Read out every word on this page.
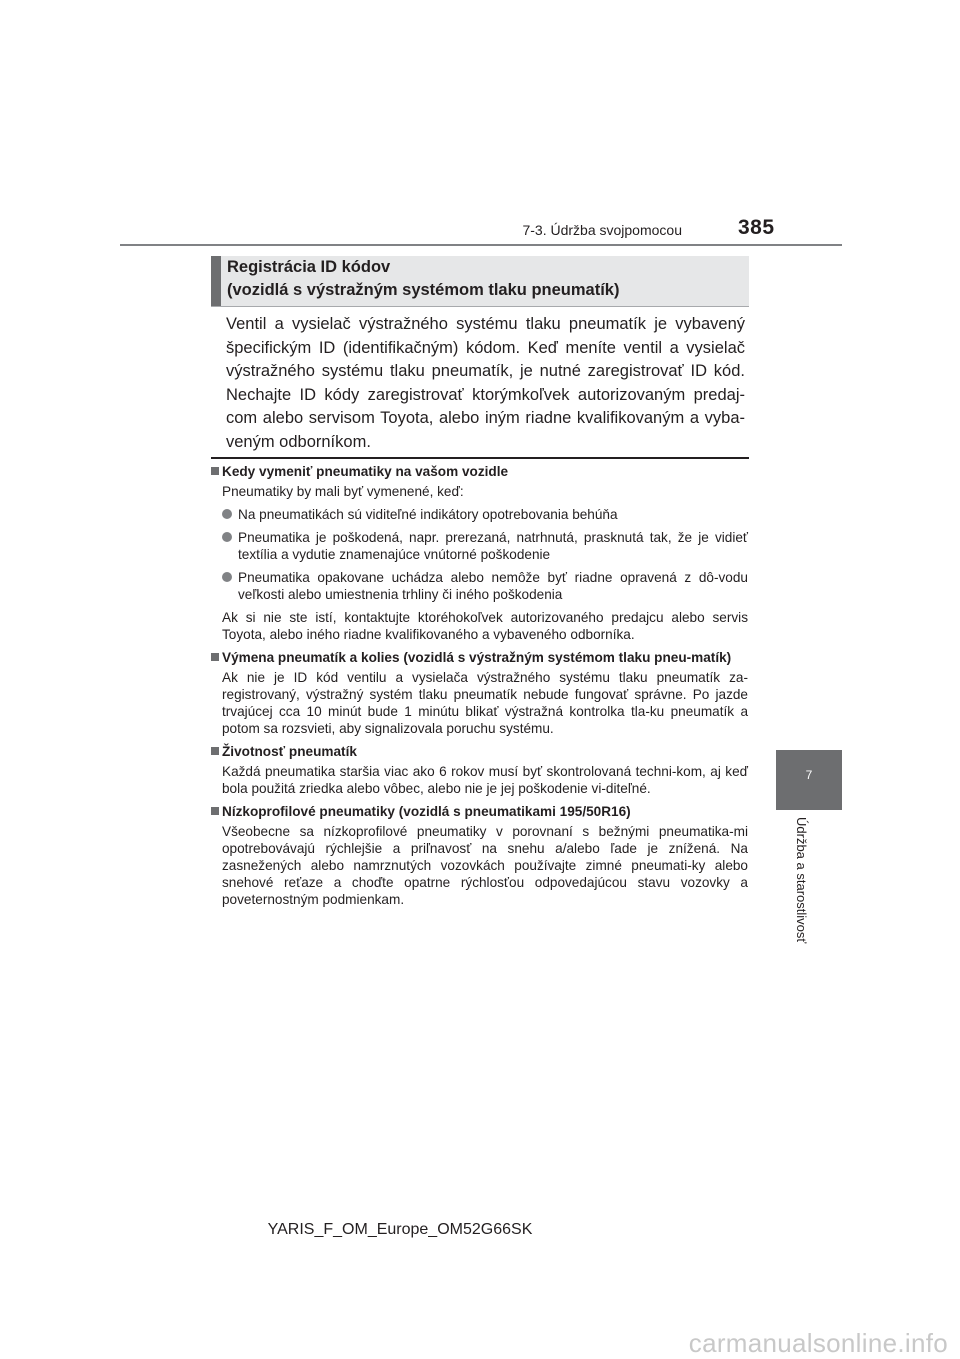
7-3. Údržba svojpomocou	385
7
Údržba a starostlivosť
Registrácia ID kódov
(vozidlá s výstražným systémom tlaku pneumatík)
Ventil a vysielač výstražného systému tlaku pneumatík je vybavený špecifickým ID (identifikačným) kódom. Keď meníte ventil a vysielač výstražného systému tlaku pneumatík, je nutné zaregistrovať ID kód. Nechajte ID kódy zaregistrovať ktorýmkoľvek autorizovaným predaj-com alebo servisom Toyota, alebo iným riadne kvalifikovaným a vyba-veným odborníkom.
Kedy vymeniť pneumatiky na vašom vozidle

Pneumatiky by mali byť vymenené, keď:

Na pneumatikách sú viditeľné indikátory opotrebovania behúňa
Pneumatika je poškodená, napr. prerezaná, natrhnutá, prasknutá tak, že je vidieť textília a vydutie znamenajúce vnútorné poškodenie
Pneumatika opakovane uchádza alebo nemôže byť riadne opravená z dô-vodu veľkosti alebo umiestnenia trhliny či iného poškodenia

Ak si nie ste istí, kontaktujte ktoréhokoľvek autorizovaného predajcu alebo servis Toyota, alebo iného riadne kvalifikovaného a vybaveného odborníka.

Výmena pneumatík a kolies (vozidlá s výstražným systémom tlaku pneu-matík)

Ak nie je ID kód ventilu a vysielača výstražného systému tlaku pneumatík za-registrovaný, výstražný systém tlaku pneumatík nebude fungovať správne. Po jazde trvajúcej cca 10 minút bude 1 minútu blikať výstražná kontrolka tla-ku pneumatík a potom sa rozsvieti, aby signalizovala poruchu systému.

Životnosť pneumatík

Každá pneumatika staršia viac ako 6 rokov musí byť skontrolovaná techni-kom, aj keď bola použitá zriedka alebo vôbec, alebo nie je jej poškodenie vi-diteľné.

Nízkoprofilové pneumatiky (vozidlá s pneumatikami 195/50R16)

Všeobecne sa nízkoprofilové pneumatiky v porovnaní s bežnými pneumatika-mi opotrebovávajú rýchlejšie a priľnavosť na snehu a/alebo ľade je znížená. Na zasnežených alebo namrznutých vozovkách používajte zimné pneumati-ky alebo snehové reťaze a choďte opatrne rýchlosťou odpovedajúcou stavu vozovky a poveternostným podmienkam.

YARIS_F_OM_Europe_OM52G66SK
carmanualsonline.info
